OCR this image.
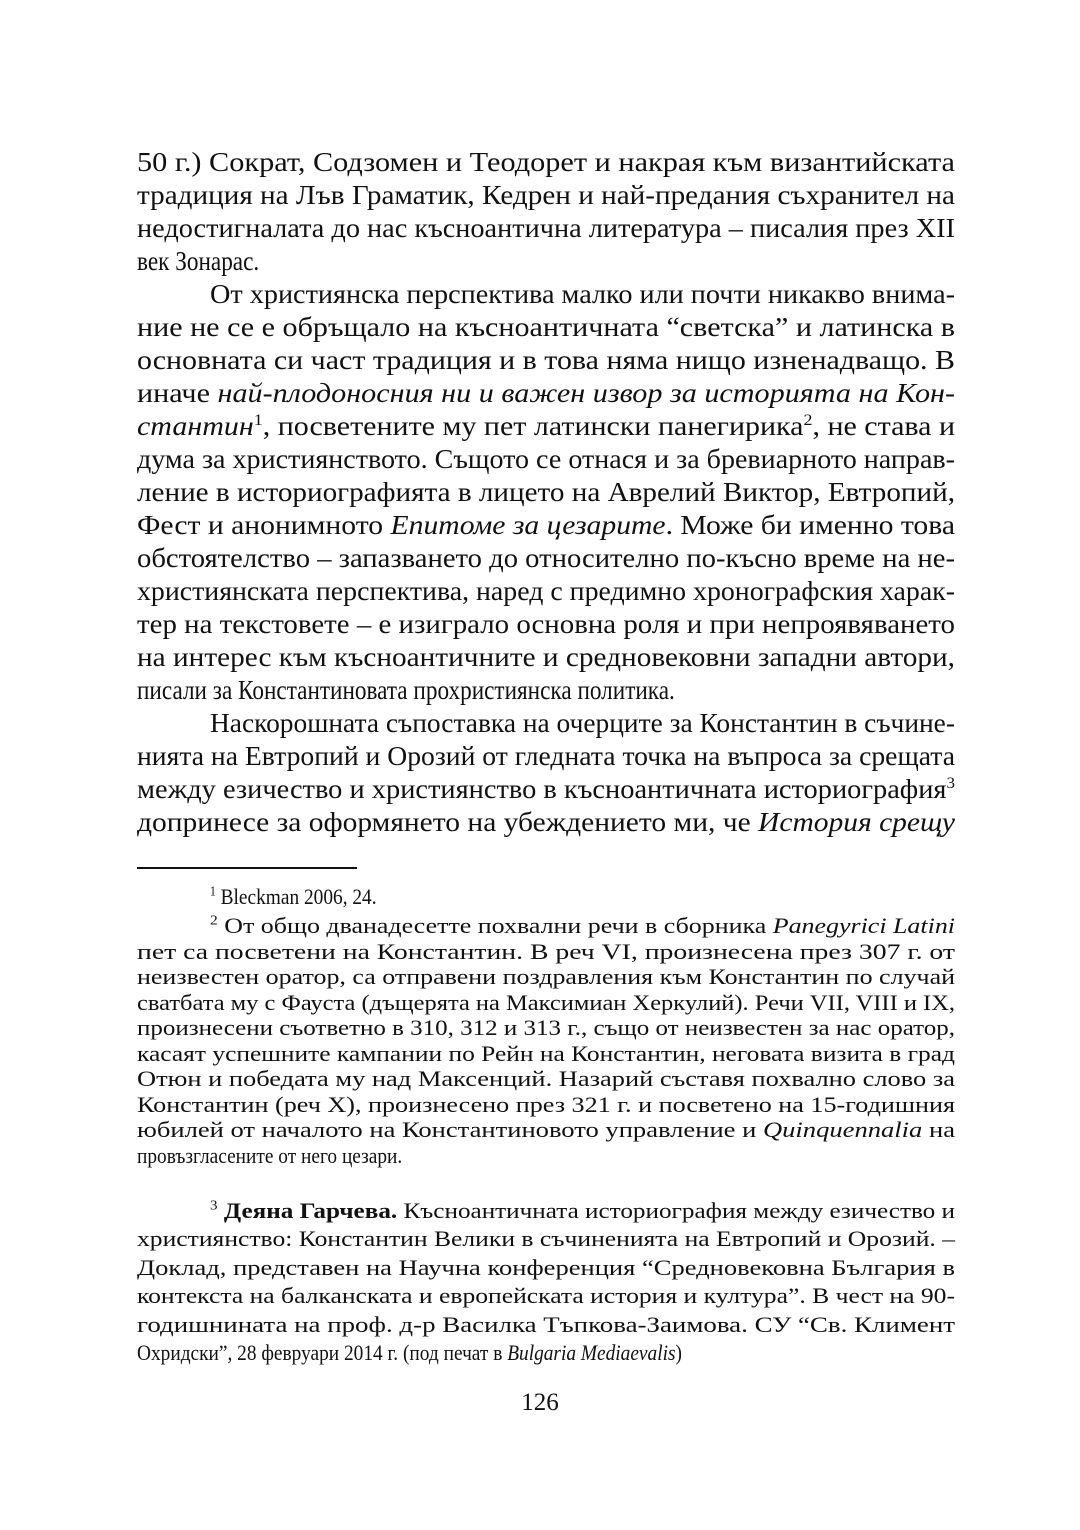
50 г.) Сократ, Содзомен и Теодорет и накрая към византийската
традиция на Лъв Граматик, Кедрен и най-предания съхранител на
недостигналата до нас късноантична литература – писалия през XII
век Зонарас.
От християнска перспектива малко или почти никакво внима-
ние не се е обръщало на късноантичната “светска” и латинска в
основната си част традиция и в това няма нищо изненадващо. В
иначе най-плодоносния ни и важен извор за историята на Кон-
стантин$^1$, посветените му пет латински панегирика$^2$, не става и
дума за християнството. Същото се отнася и за бревиарното направ-
ление в историографията в лицето на Аврелий Виктор, Евтропий,
Фест и анонимното Епитоме за цезарите. Може би именно това
обстоятелство – запазването до относително по-късно време на не-
християнската перспектива, наред с предимно хронографския харак-
тер на текстовете – е изиграло основна роля и при непроявяването
на интерес към късноантичните и средновековни западни автори,
писали за Константиновата прохристиянска политика.
Наскорошната съпоставка на очерците за Константин в съчине-
нията на Евтропий и Орозий от гледната точка на въпроса за срещата
между езичество и християнство в късноантичната историография$^3$
допринесе за оформянето на убеждението ми, че История срещу
$^1$ Bleckman 2006, 24.
$^2$ От общо дванадесетте похвални речи в сборника Panegyrici Latini
пет са посветени на Константин. В реч VI, произнесена през 307 г. от
неизвестен оратор, са отправени поздравления към Константин по случай
сватбата му с Фауста (дъщерята на Максимиан Херкулий). Речи VII, VIII и IX,
произнесени съответно в 310, 312 и 313 г., също от неизвестен за нас оратор,
касаят успешните кампании по Рейн на Константин, неговата визита в град
Отюн и победата му над Максенций. Назарий съставя похвално слово за
Константин (реч X), произнесено през 321 г. и посветено на 15-годишния
юбилей от началото на Константиновото управление и Quinquennalia на
провъзгласените от него цезари.
$^3$ Деяна Гарчева. Късноантичната историография между езичество и
християнство: Константин Велики в съчиненията на Евтропий и Орозий. –
Доклад, представен на Научна конференция “Средновековна България в
контекста на балканската и европейската история и култура”. В чест на 90-
годишнината на проф. д-р Василка Тъпкова-Заимова. СУ “Св. Климент
Охридски”, 28 февруари 2014 г. (под печат в Bulgaria Mediaevalis)
126
